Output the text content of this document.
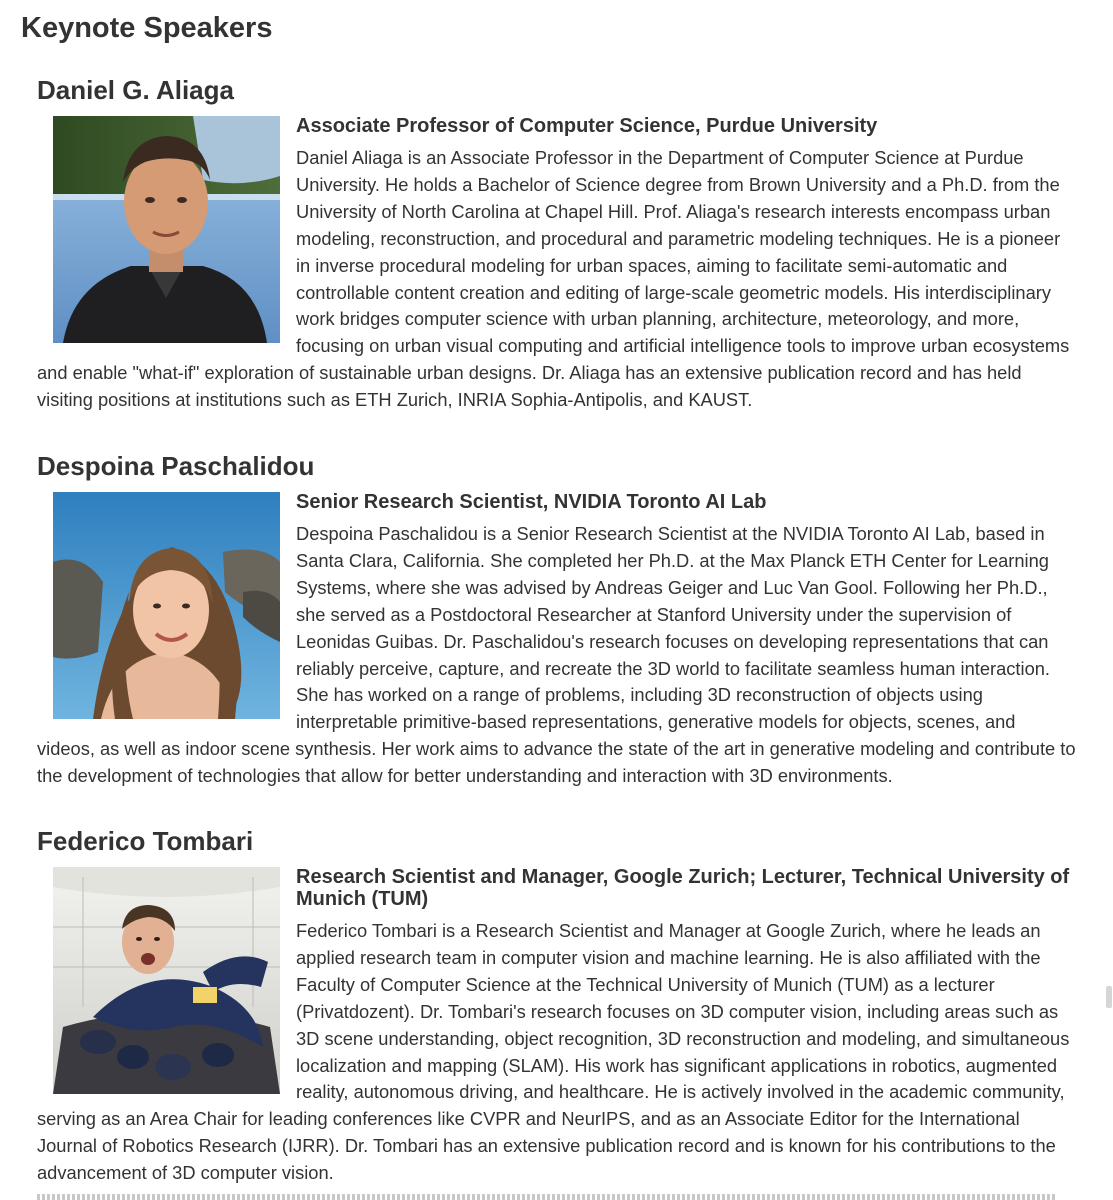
Keynote Speakers
Daniel G. Aliaga
Associate Professor of Computer Science, Purdue University

Daniel Aliaga is an Associate Professor in the Department of Computer Science at Purdue University. He holds a Bachelor of Science degree from Brown University and a Ph.D. from the University of North Carolina at Chapel Hill. Prof. Aliaga's research interests encompass urban modeling, reconstruction, and procedural and parametric modeling techniques. He is a pioneer in inverse procedural modeling for urban spaces, aiming to facilitate semi-automatic and controllable content creation and editing of large-scale geometric models. His interdisciplinary work bridges computer science with urban planning, architecture, meteorology, and more, focusing on urban visual computing and artificial intelligence tools to improve urban ecosystems and enable "what-if" exploration of sustainable urban designs. Dr. Aliaga has an extensive publication record and has held visiting positions at institutions such as ETH Zurich, INRIA Sophia-Antipolis, and KAUST.

Despoina Paschalidou
Senior Research Scientist, NVIDIA Toronto AI Lab

Despoina Paschalidou is a Senior Research Scientist at the NVIDIA Toronto AI Lab, based in Santa Clara, California. She completed her Ph.D. at the Max Planck ETH Center for Learning Systems, where she was advised by Andreas Geiger and Luc Van Gool. Following her Ph.D., she served as a Postdoctoral Researcher at Stanford University under the supervision of Leonidas Guibas. Dr. Paschalidou's research focuses on developing representations that can reliably perceive, capture, and recreate the 3D world to facilitate seamless human interaction. She has worked on a range of problems, including 3D reconstruction of objects using interpretable primitive-based representations, generative models for objects, scenes, and videos, as well as indoor scene synthesis. Her work aims to advance the state of the art in generative modeling and contribute to the development of technologies that allow for better understanding and interaction with 3D environments.

Federico Tombari
Research Scientist and Manager, Google Zurich; Lecturer, Technical University of Munich (TUM)

Federico Tombari is a Research Scientist and Manager at Google Zurich, where he leads an applied research team in computer vision and machine learning. He is also affiliated with the Faculty of Computer Science at the Technical University of Munich (TUM) as a lecturer (Privatdozent). Dr. Tombari's research focuses on 3D computer vision, including areas such as 3D scene understanding, object recognition, 3D reconstruction and modeling, and simultaneous localization and mapping (SLAM). His work has significant applications in robotics, augmented reality, autonomous driving, and healthcare. He is actively involved in the academic community, serving as an Area Chair for leading conferences like CVPR and NeurIPS, and as an Associate Editor for the International Journal of Robotics Research (IJRR). Dr. Tombari has an extensive publication record and is known for his contributions to the advancement of 3D computer vision.
